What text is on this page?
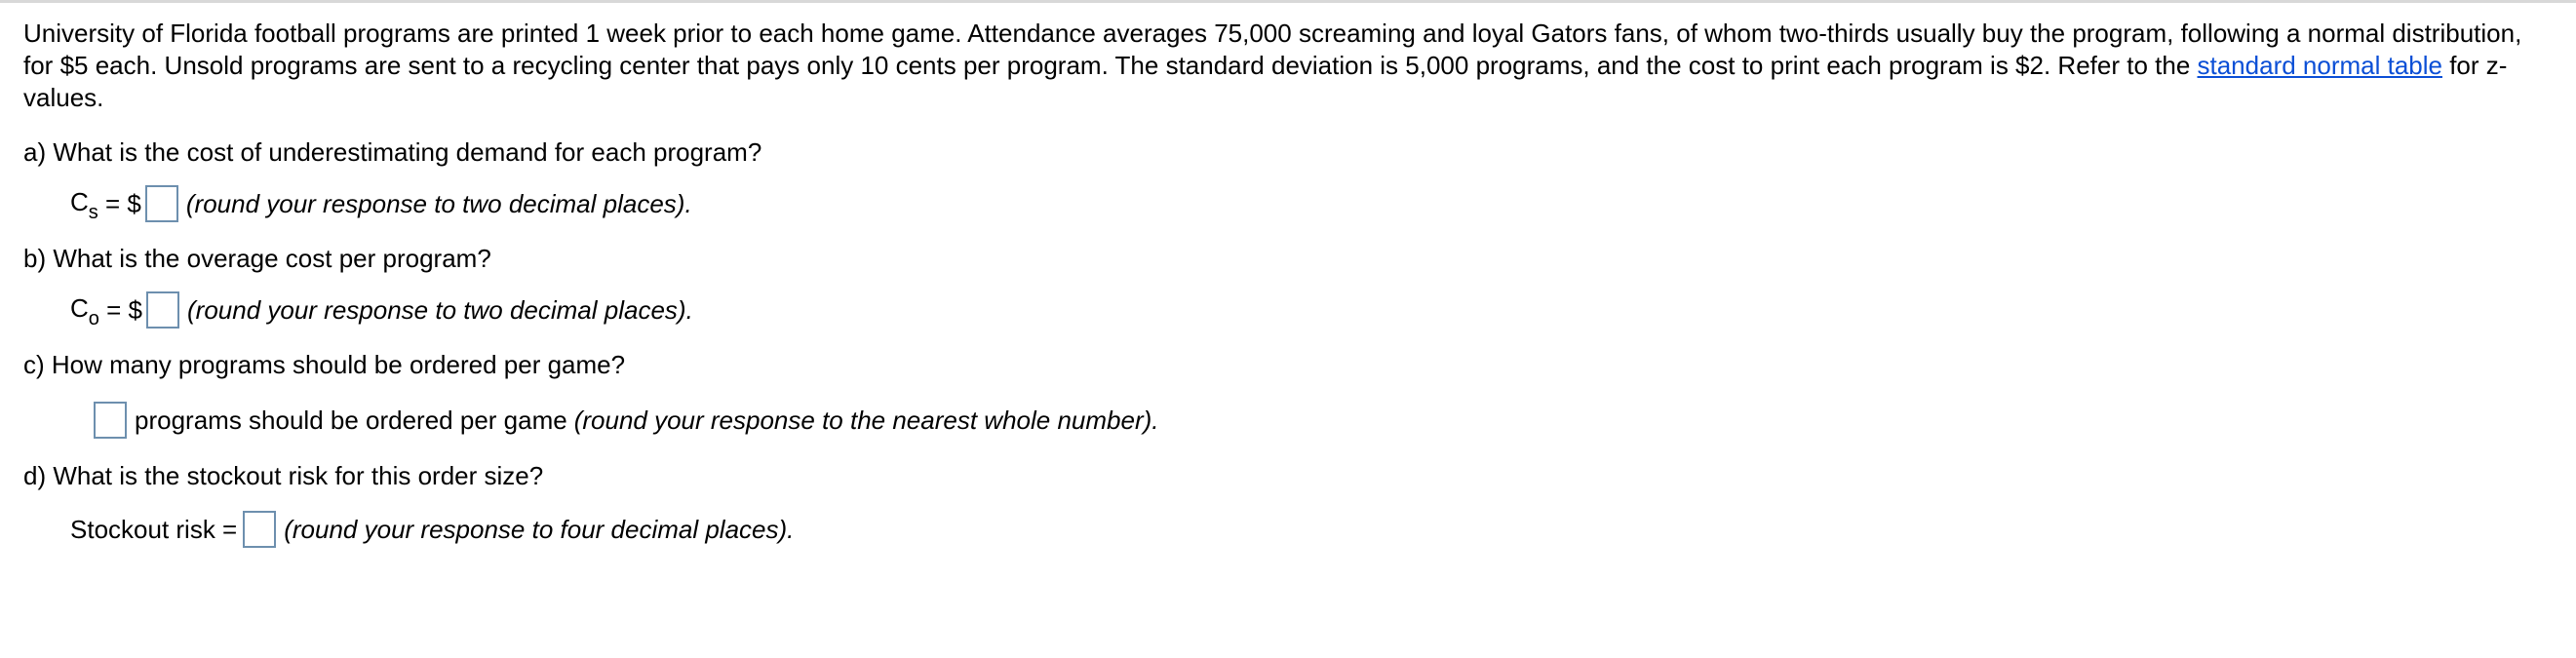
University of Florida football programs are printed 1 week prior to each home game. Attendance averages 75,000 screaming and loyal Gators fans, of whom two-thirds usually buy the program, following a normal distribution, for $5 each. Unsold programs are sent to a recycling center that pays only 10 cents per program. The standard deviation is 5,000 programs, and the cost to print each program is $2. Refer to the standard normal table for z-values.

a) What is the cost of underestimating demand for each program?

$C_s$ = $ (round your response to two decimal places).

b) What is the overage cost per program?

$C_o$ = $ (round your response to two decimal places).

c) How many programs should be ordered per game?

programs should be ordered per game (round your response to the nearest whole number).

d) What is the stockout risk for this order size?

Stockout risk = (round your response to four decimal places).
